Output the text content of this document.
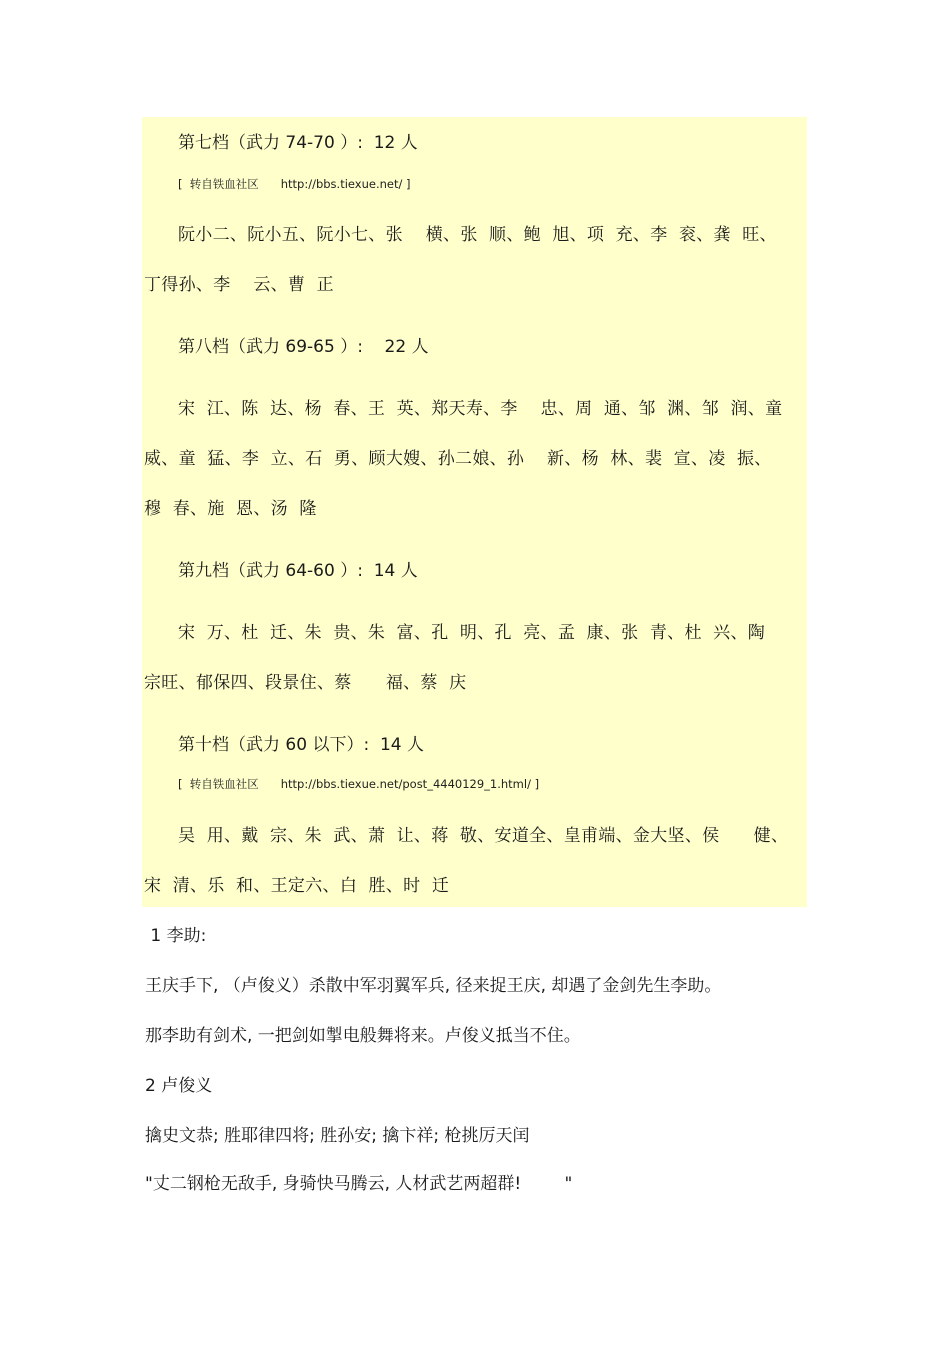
第七档（武力 74-70 ）:  12 人
[  转自铁血社区      http://bbs.tiexue.net/ ]
阮小二、阮小五、阮小七、张    横、张  顺、鲍  旭、项  充、李  衮、龚  旺、
丁得孙、李    云、曹  正
第八档（武力 69-65 ）:    22 人
宋  江、陈  达、杨  春、王  英、郑天寿、李    忠、周  通、邹  渊、邹  润、童
威、童  猛、李  立、石  勇、顾大嫂、孙二娘、孙    新、杨  林、裴  宣、凌  振、
穆  春、施  恩、汤  隆
第九档（武力 64-60 ）:  14 人
宋  万、杜  迁、朱  贵、朱  富、孔  明、孔  亮、孟  康、张  青、杜  兴、陶
宗旺、郁保四、段景住、蔡      福、蔡  庆
第十档（武力 60 以下）:  14 人
[  转自铁血社区      http://bbs.tiexue.net/post_4440129_1.html/ ]
吴  用、戴  宗、朱  武、萧  让、蒋  敬、安道全、皇甫端、金大坚、侯      健、
宋  清、乐  和、王定六、白  胜、时  迁
1 李助:
王庆手下, （卢俊义）杀散中军羽翼军兵, 径来捉王庆, 却遇了金剑先生李助。
那李助有剑术, 一把剑如掣电般舞将来。卢俊义抵当不住。
2 卢俊义
擒史文恭; 胜耶律四将; 胜孙安; 擒卞祥; 枪挑厉天闰
"丈二钢枪无敌手, 身骑快马腾云, 人材武艺两超群!        "
